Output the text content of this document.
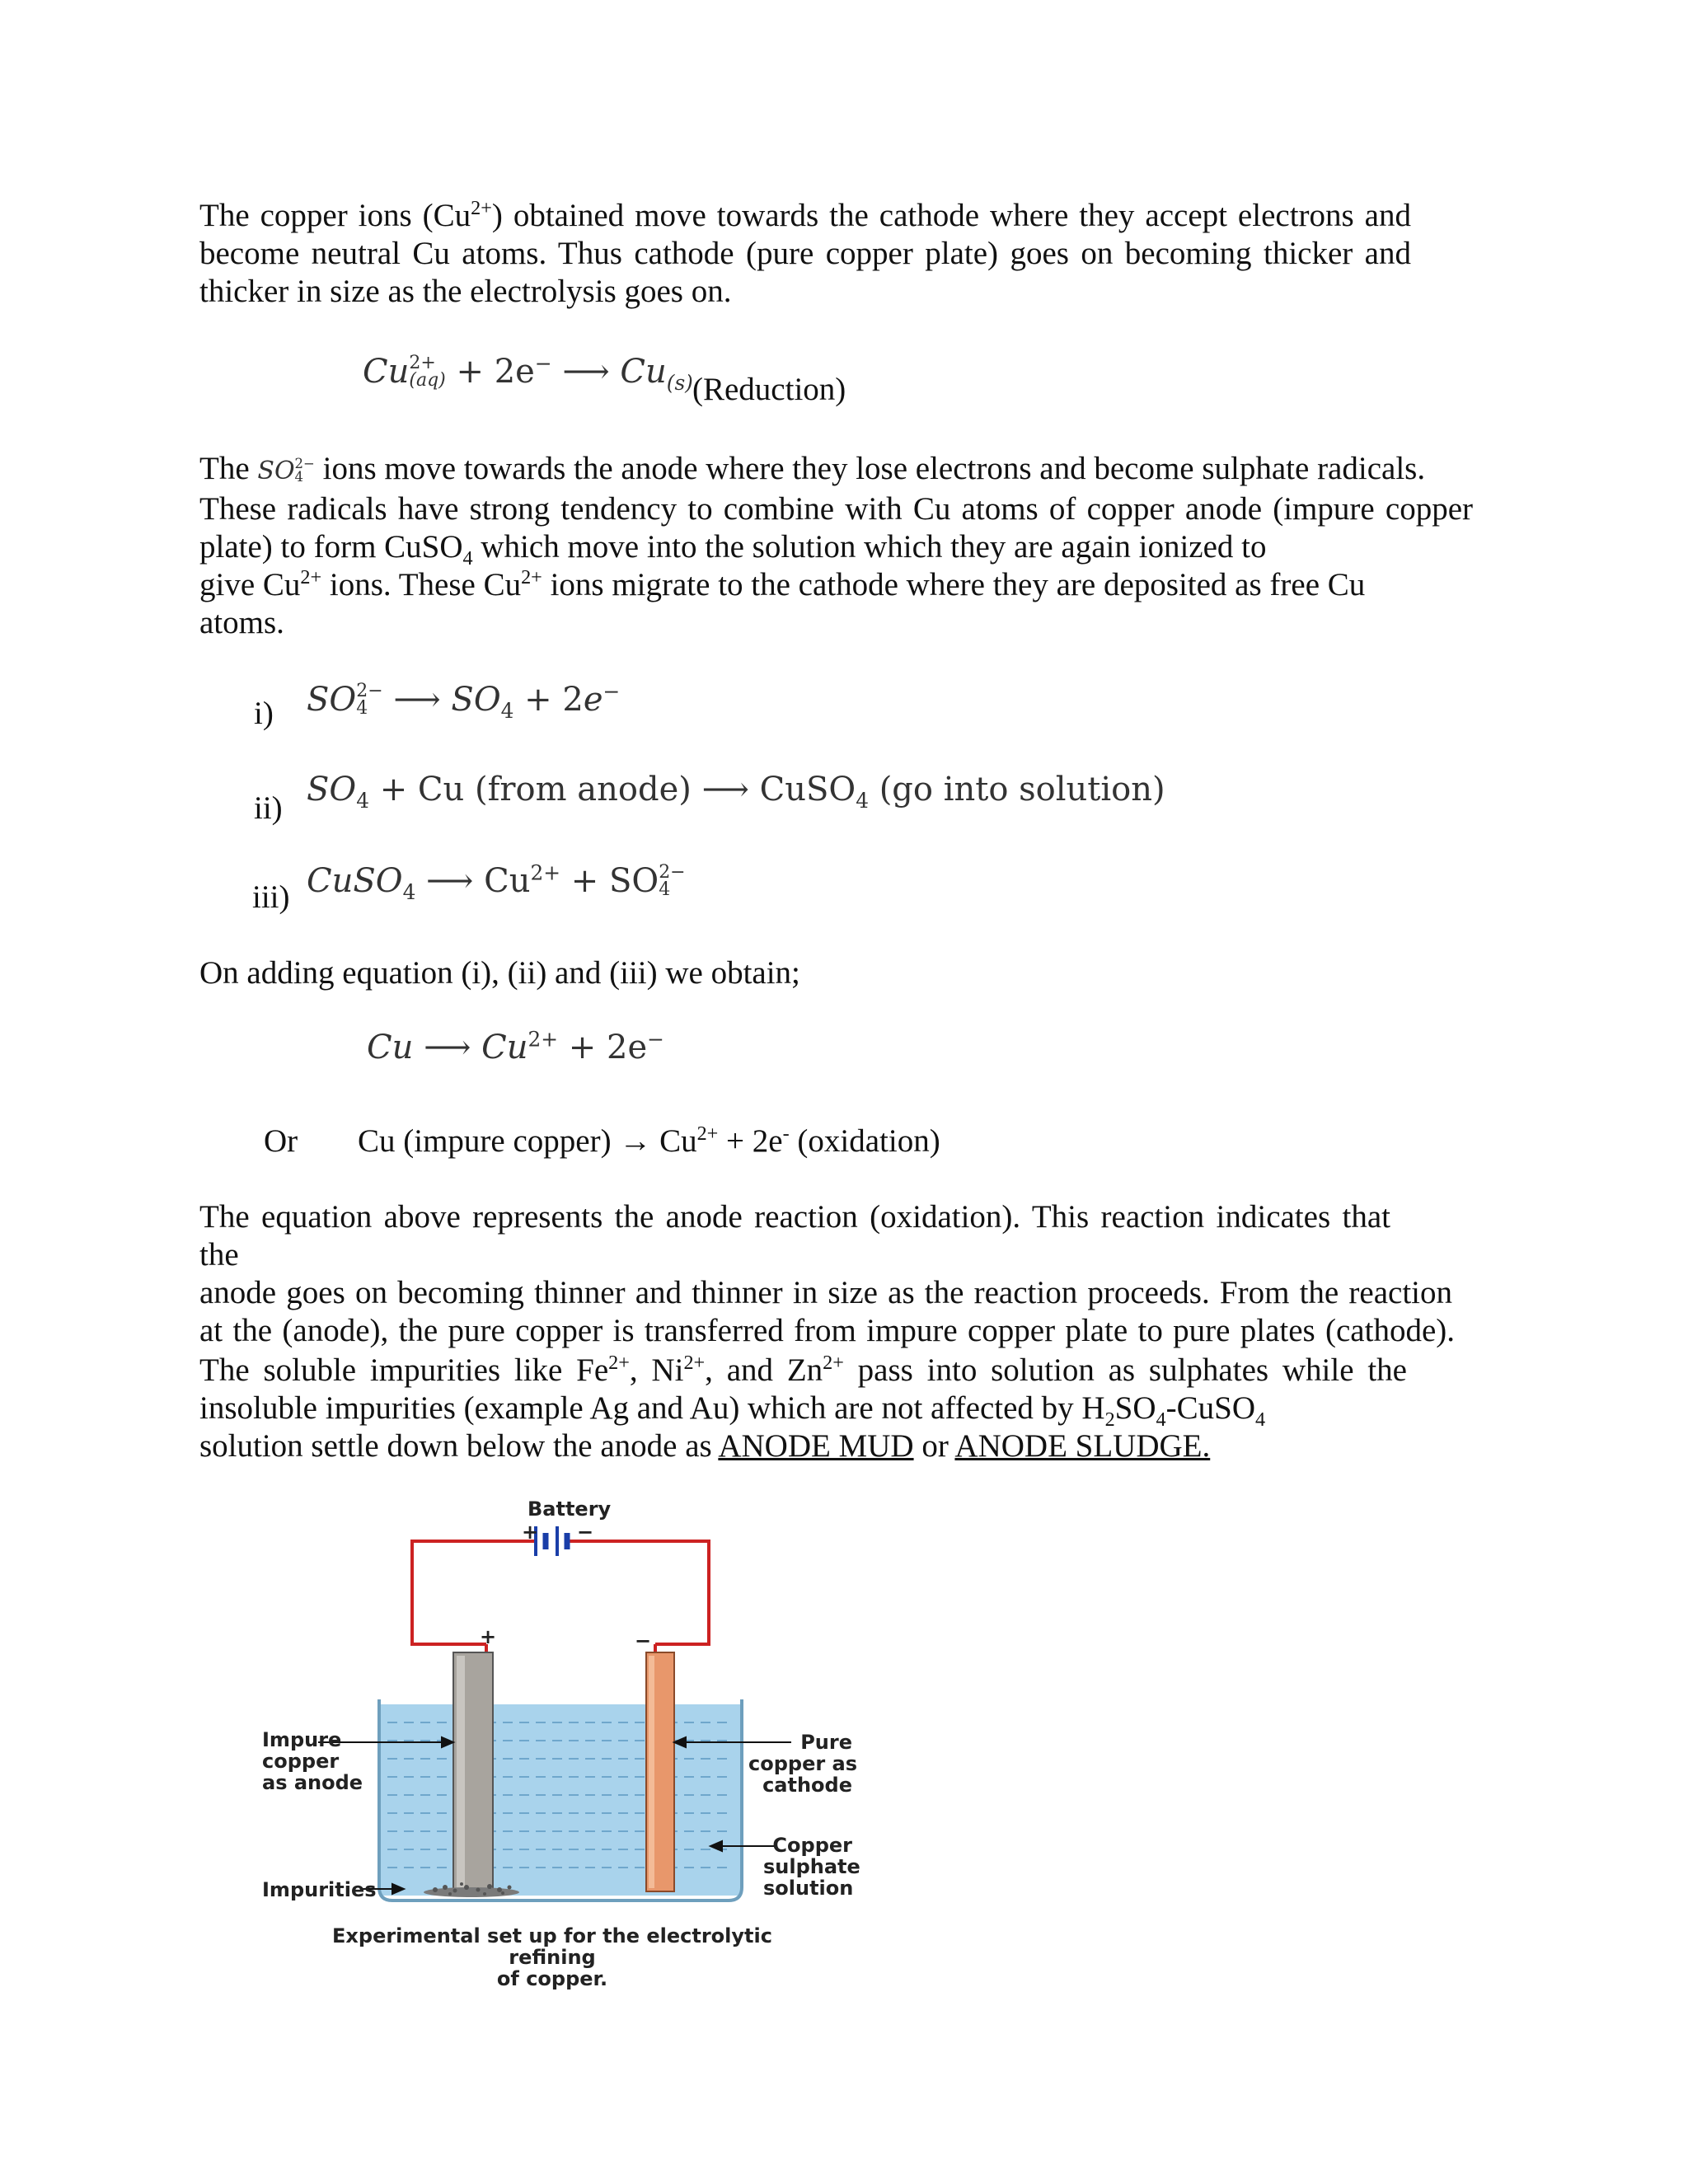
The copper ions $(Cu^{2+})$ obtained move towards the cathode where they accept electrons and
become neutral Cu atoms. Thus cathode (pure copper plate) goes on becoming thicker and
thicker in size as the electrolysis goes on.
Cu 2+
(aq) + 2e− ⟶ $Cu_{(s)}$ (Reduction)
The SO 2−
4 ions move towards the anode where they lose electrons and become sulphate radicals.
These radicals have strong tendency to combine with Cu atoms of copper anode (impure copper
plate) to form CuSO$_4$ which move into the solution which they are again ionized to
give $Cu^{2+}$ ions. These $Cu^{2+}$ ions migrate to the cathode where they are deposited as free Cu
atoms.
i) SO 2−
4 ⟶ $SO_4 + 2e^-$
ii) $SO_4 + Cu$ (from anode) ⟶ CuSO$_4$ (go into solution)
iii) CuSO$_4$ ⟶ $Cu^{2+}$ + SO 2−
4
On adding equation (i), (ii) and (iii) we obtain;
Cu ⟶ $Cu^{2+} + 2e^-$
Or Cu (impure copper) → $Cu^{2+} + 2e^-$ (oxidation)
The equation above represents the anode reaction (oxidation). This reaction indicates that the
anode goes on becoming thinner and thinner in size as the reaction proceeds. From the reaction
at the (anode), the pure copper is transferred from impure copper plate to pure plates (cathode).
The soluble impurities like $Fe^{2+}$, $Ni^{2+}$, and $Zn^{2+}$ pass into solution as sulphates while the
insoluble impurities (example Ag and Au) which are not affected by $H_2SO_4-CuSO_4$
solution settle down below the anode as ANODE MUD or ANODE SLUDGE.
Battery
+ −
+	−
Impure
copper
as anode
Pure
copper as
cathode
Copper
sulphate
solution
Impurities
Experimental set up for the electrolytic refining
of copper.
